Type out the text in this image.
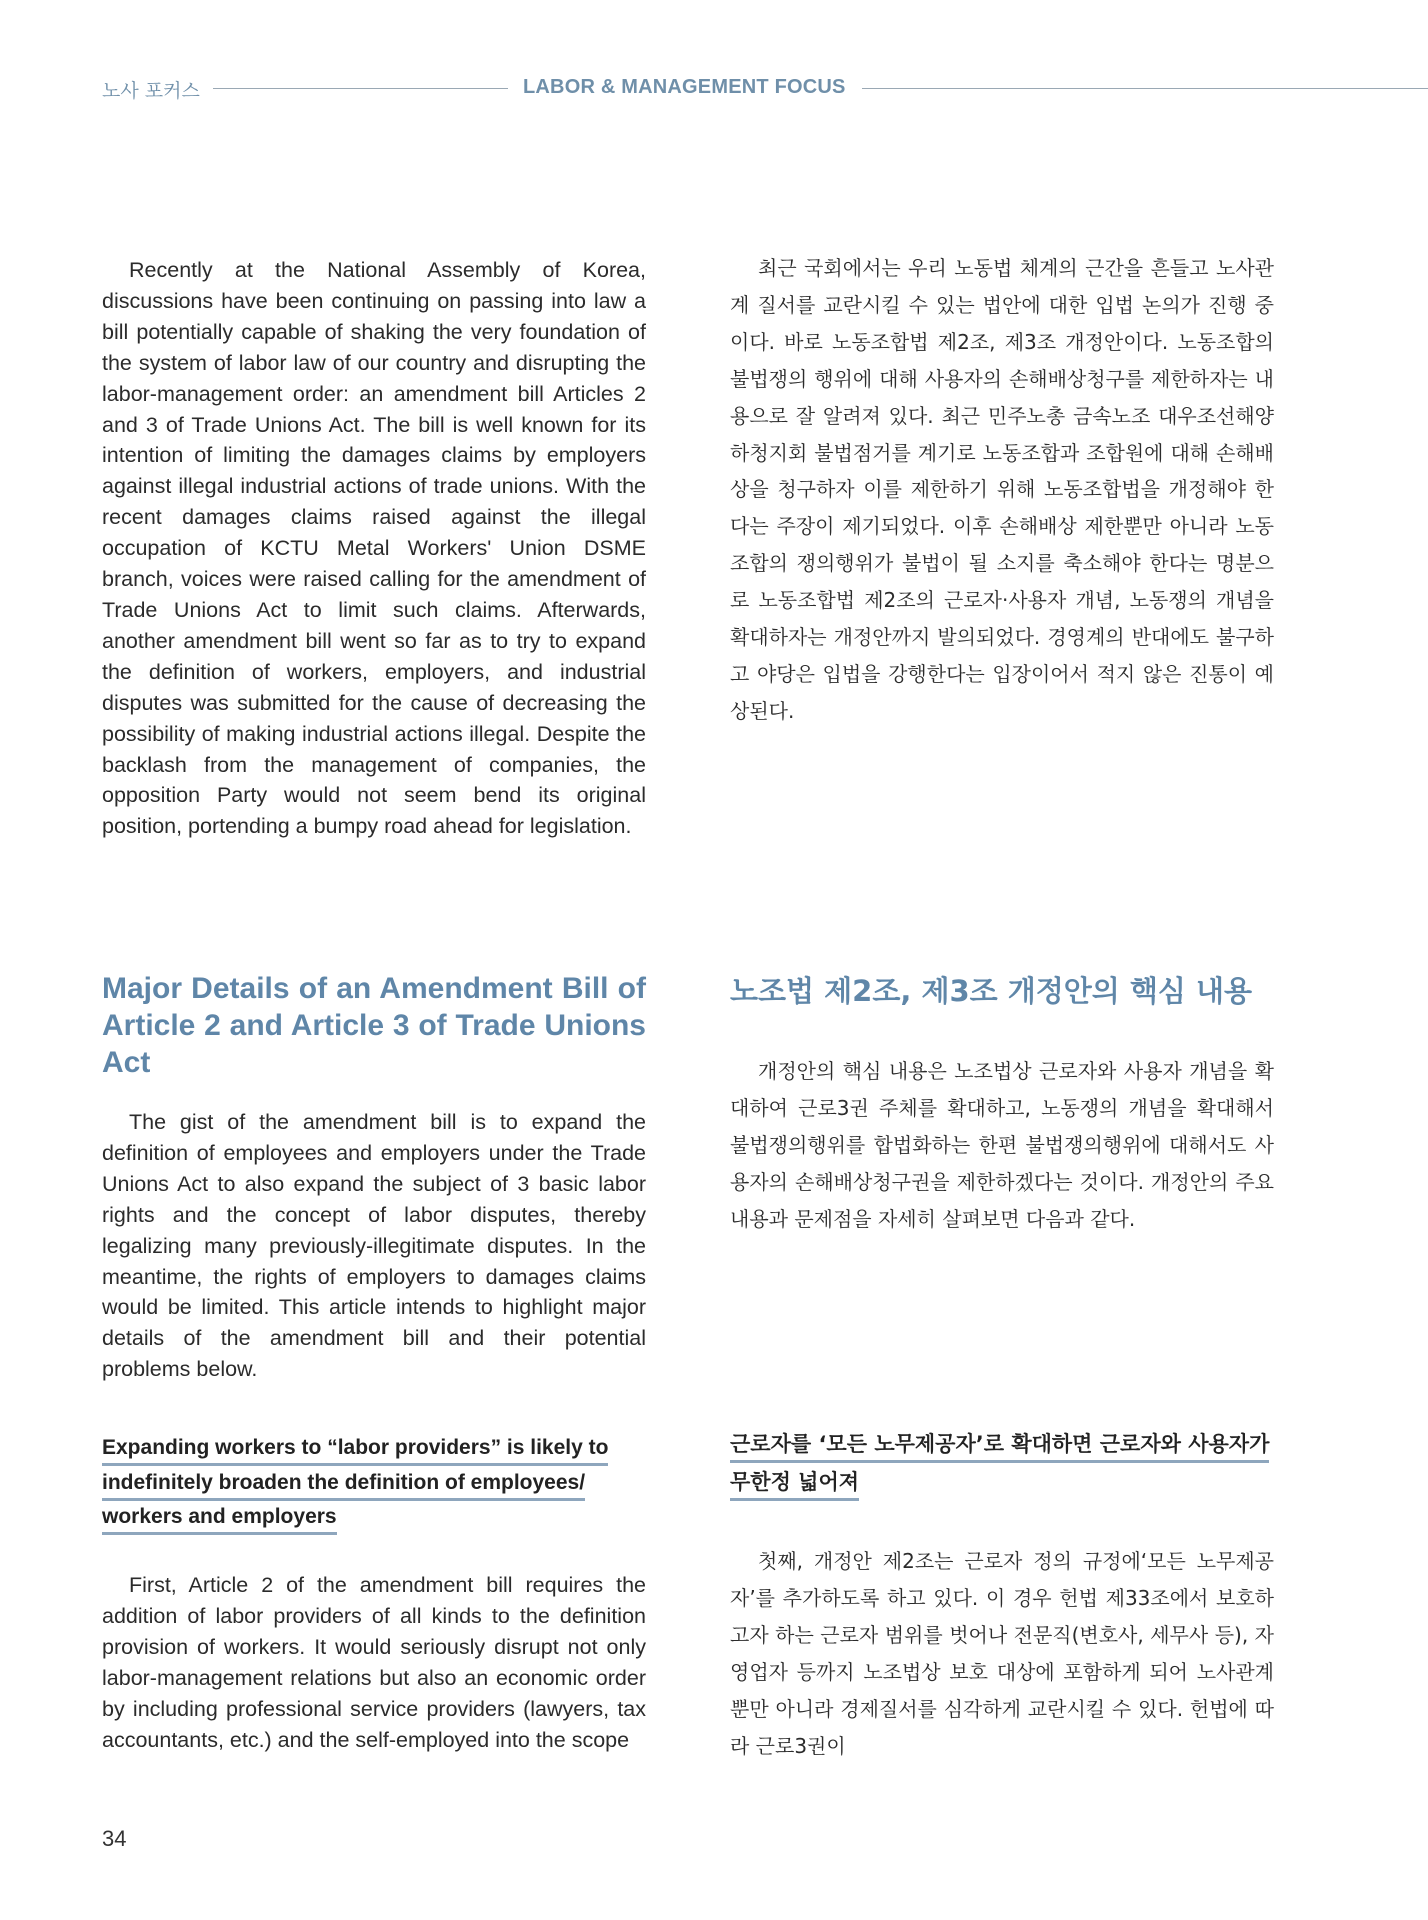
노사 포커스	LABOR & MANAGEMENT FOCUS

Recently at the National Assembly of Korea, discussions have been continuing on passing into law a bill potentially capable of shaking the very foundation of the system of labor law of our country and disrupting the labor-management order: an amendment bill Articles 2 and 3 of Trade Unions Act. The bill is well known for its intention of limiting the damages claims by employers against illegal industrial actions of trade unions. With the recent damages claims raised against the illegal occupation of KCTU Metal Workers' Union DSME branch, voices were raised calling for the amendment of Trade Unions Act to limit such claims. Afterwards, another amendment bill went so far as to try to expand the definition of workers, employers, and industrial disputes was submitted for the cause of decreasing the possibility of making industrial actions illegal. Despite the backlash from the management of companies, the opposition Party would not seem bend its original position, portending a bumpy road ahead for legislation.

최근 국회에서는 우리 노동법 체계의 근간을 흔들고 노사관계 질서를 교란시킬 수 있는 법안에 대한 입법 논의가 진행 중이다. 바로 노동조합법 제2조, 제3조 개정안이다. 노동조합의 불법쟁의 행위에 대해 사용자의 손해배상청구를 제한하자는 내용으로 잘 알려져 있다. 최근 민주노총 금속노조 대우조선해양 하청지회 불법점거를 계기로 노동조합과 조합원에 대해 손해배상을 청구하자 이를 제한하기 위해 노동조합법을 개정해야 한다는 주장이 제기되었다. 이후 손해배상 제한뿐만 아니라 노동조합의 쟁의행위가 불법이 될 소지를 축소해야 한다는 명분으로 노동조합법 제2조의 근로자·사용자 개념, 노동쟁의 개념을 확대하자는 개정안까지 발의되었다. 경영계의 반대에도 불구하고 야당은 입법을 강행한다는 입장이어서 적지 않은 진통이 예상된다.

Major Details of an Amendment Bill of Article 2 and Article 3 of Trade Unions Act

The gist of the amendment bill is to expand the definition of employees and employers under the Trade Unions Act to also expand the subject of 3 basic labor rights and the concept of labor disputes, thereby legalizing many previously-illegitimate disputes. In the meantime, the rights of employers to damages claims would be limited. This article intends to highlight major details of the amendment bill and their potential problems below.

노조법 제2조, 제3조 개정안의 핵심 내용

개정안의 핵심 내용은 노조법상 근로자와 사용자 개념을 확대하여 근로3권 주체를 확대하고, 노동쟁의 개념을 확대해서 불법쟁의행위를 합법화하는 한편 불법쟁의행위에 대해서도 사용자의 손해배상청구권을 제한하겠다는 것이다. 개정안의 주요 내용과 문제점을 자세히 살펴보면 다음과 같다.

Expanding workers to “labor providers” is likely to indefinitely broaden the definition of employees/ workers and employers

First, Article 2 of the amendment bill requires the addition of labor providers of all kinds to the definition provision of workers. It would seriously disrupt not only labor-management relations but also an economic order by including professional service providers (lawyers, tax accountants, etc.) and the self-employed into the scope

근로자를 ‘모든 노무제공자’로 확대하면 근로자와 사용자가 무한정 넓어져

첫째, 개정안 제2조는 근로자 정의 규정에‘모든 노무제공자’를 추가하도록 하고 있다. 이 경우 헌법 제33조에서 보호하고자 하는 근로자 범위를 벗어나 전문직(변호사, 세무사 등), 자영업자 등까지 노조법상 보호 대상에 포함하게 되어 노사관계뿐만 아니라 경제질서를 심각하게 교란시킬 수 있다. 헌법에 따라 근로3권이

34
